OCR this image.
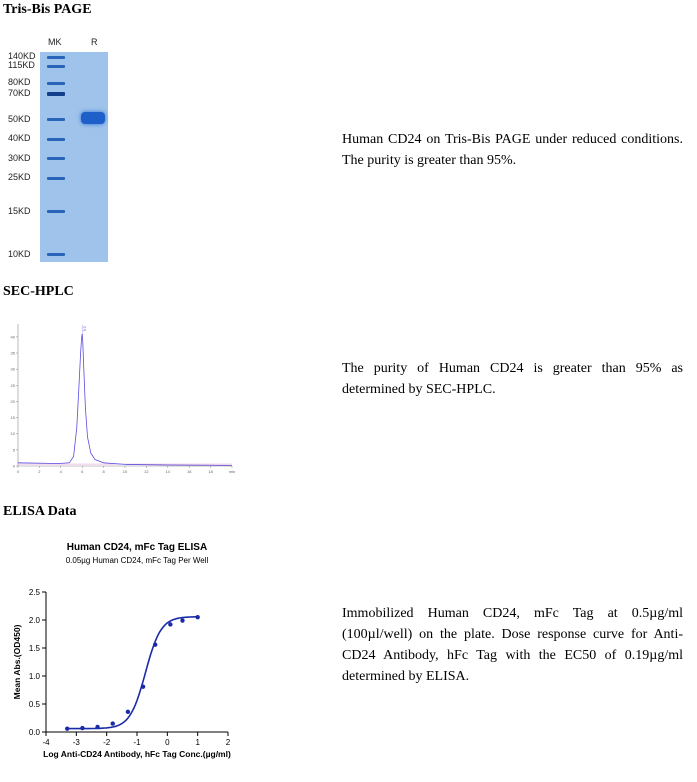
Tris-Bis PAGE
MK	R
140KD
115KD
80KD
70KD
50KD
40KD
30KD
25KD
15KD
10KD
Human CD24 on Tris-Bis PAGE under reduced conditions. The purity is greater than 95%.
SEC-HPLC
0
5
10
15
20
25
30
35
40
0	2	4	6	8	10	12	14	16	18	min
6.0
The purity of Human CD24 is greater than 95% as determined by SEC-HPLC.
ELISA Data
Human CD24, mFc Tag ELISA
0.05µg Human CD24, mFc Tag Per Well
0.0
0.5
1.0
1.5
2.0
2.5
-4	-3	-2	-1	0	1	2
Log Anti-CD24 Antibody, hFc Tag Conc.(µg/ml)
Mean Abs.(OD450)
Immobilized Human CD24, mFc Tag at 0.5µg/ml (100µl/well) on the plate. Dose response curve for Anti-CD24 Antibody, hFc Tag with the EC50 of 0.19µg/ml determined by ELISA.
